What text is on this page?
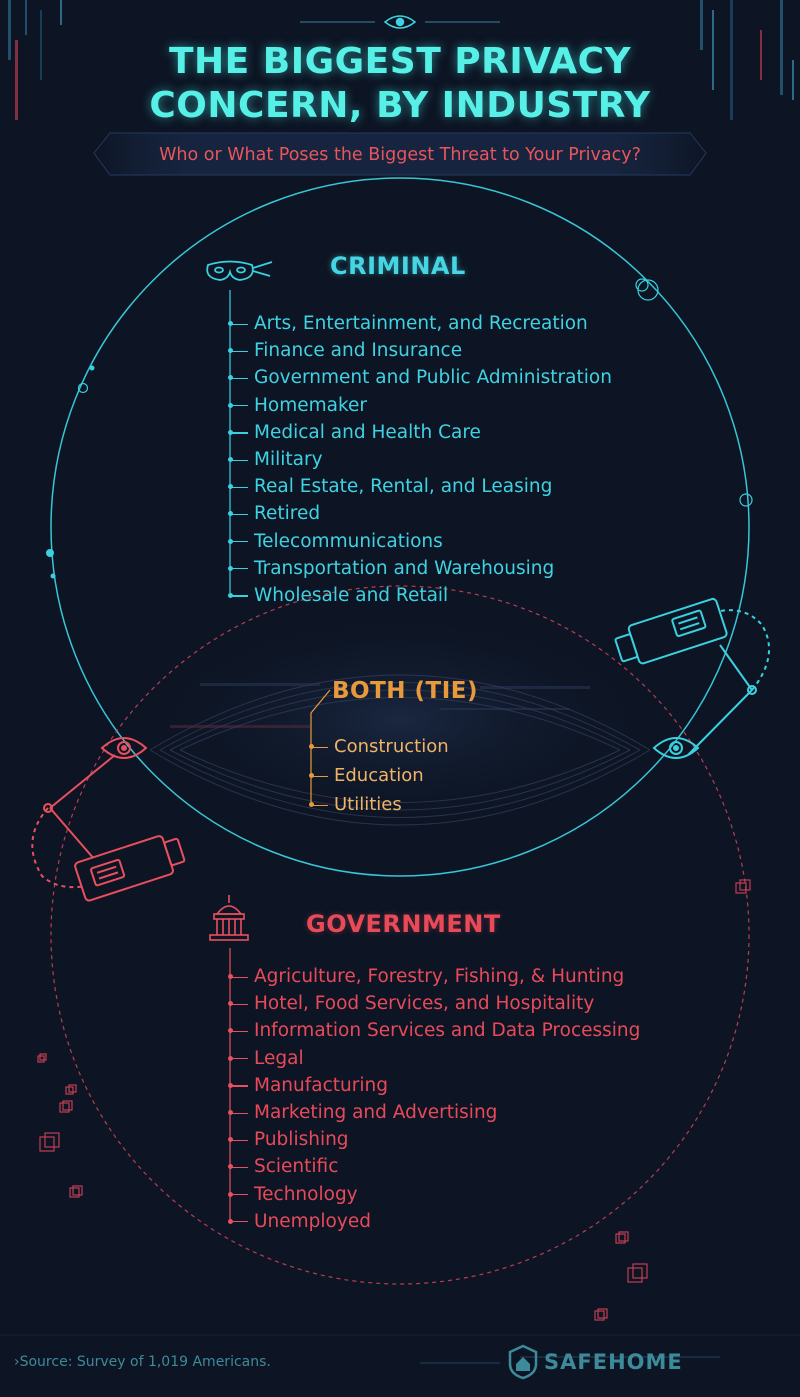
THE BIGGEST PRIVACY
CONCERN, BY INDUSTRY
Who or What Poses the Biggest Threat to Your Privacy?
CRIMINAL
Arts, Entertainment, and Recreation
Finance and Insurance
Government and Public Administration
Homemaker
Medical and Health Care
Military
Real Estate, Rental, and Leasing
Retired
Telecommunications
Transportation and Warehousing
Wholesale and Retail
BOTH (TIE)
Construction
Education
Utilities
GOVERNMENT
Agriculture, Forestry, Fishing, & Hunting
Hotel, Food Services, and Hospitality
Information Services and Data Processing
Legal
Manufacturing
Marketing and Advertising
Publishing
Scientific
Technology
Unemployed
›Source: Survey of 1,019 Americans.	SAFEHOME
